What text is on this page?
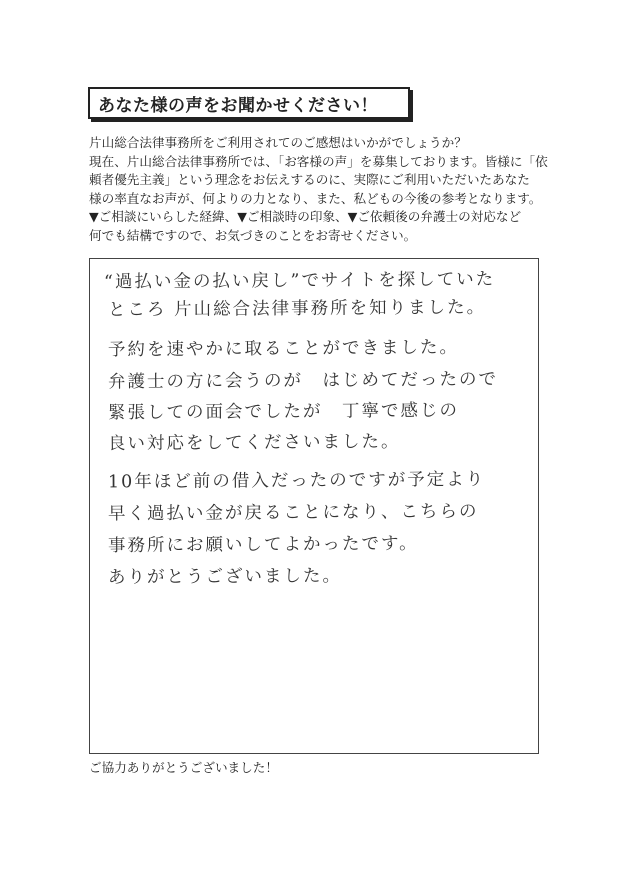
あなた様の声をお聞かせください！

片山総合法律事務所をご利用されてのご感想はいかがでしょうか？

現在、片山総合法律事務所では、「お客様の声」を募集しております。皆様に「依

頼者優先主義」という理念をお伝えするのに、実際にご利用いただいたあなた

様の率直なお声が、何よりの力となり、また、私どもの今後の参考となります。

▼ご相談にいらした経緯、▼ご相談時の印象、▼ご依頼後の弁護士の対応など

何でも結構ですので、お気づきのことをお寄せください。

“過払い金の払い戻し”でサイトを探していた

ところ 片山総合法律事務所を知りました。

予約を速やかに取ることができました。

弁護士の方に会うのが　はじめてだったので

緊張しての面会でしたが　丁寧で感じの

良い対応をしてくださいました。

10年ほど前の借入だったのですが予定より

早く過払い金が戻ることになり、こちらの

事務所にお願いしてよかったです。

ありがとうございました。

ご協力ありがとうございました！
